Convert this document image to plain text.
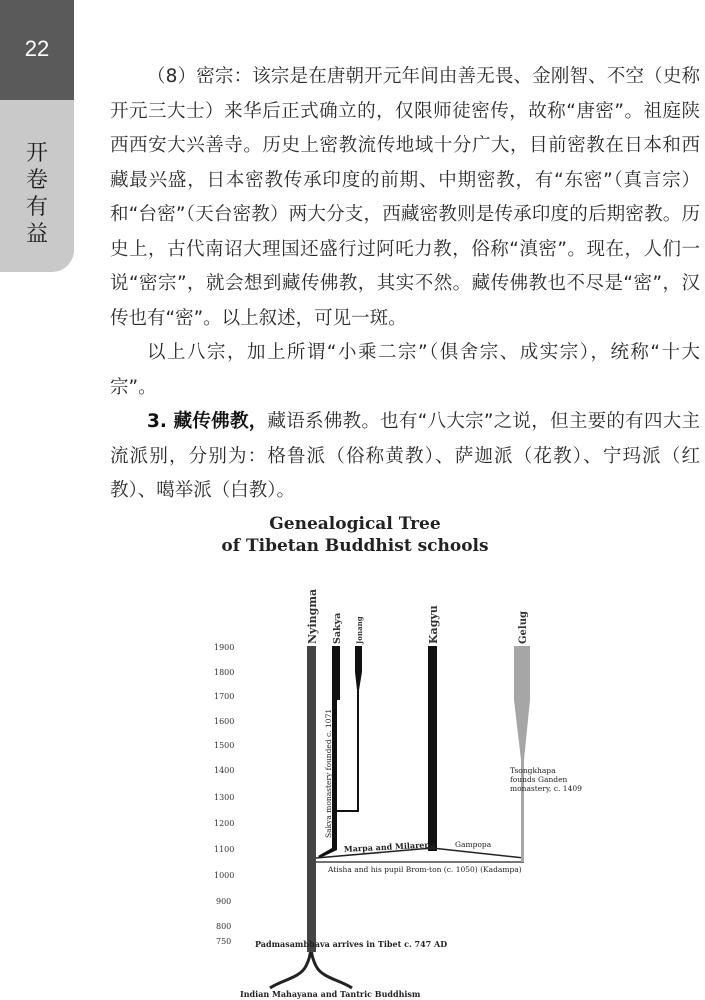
22
开
卷
有
益

（8）密宗：该宗是在唐朝开元年间由善无畏、金刚智、不空（史称开元三大士）来华后正式确立的，仅限师徒密传，故称“唐密”。祖庭陕西西安大兴善寺。历史上密教流传地域十分广大，目前密教在日本和西藏最兴盛，日本密教传承印度的前期、中期密教，有“东密”（真言宗）和“台密”（天台密教）两大分支，西藏密教则是传承印度的后期密教。历史上，古代南诏大理国还盛行过阿吒力教，俗称“滇密”。现在，人们一说“密宗”，就会想到藏传佛教，其实不然。藏传佛教也不尽是“密”，汉传也有“密”。以上叙述，可见一斑。

以上八宗，加上所谓“小乘二宗”（俱舍宗、成实宗），统称“十大宗”。

3. 藏传佛教，藏语系佛教。也有“八大宗”之说，但主要的有四大主流派别，分别为：格鲁派（俗称黄教）、萨迦派（花教）、宁玛派（红教）、噶举派（白教）。

Genealogical Tree
of Tibetan Buddhist schools
1900
1800
1700
1600
1500
1400
1300
1200
1100
1000
900
800
750
Nyingma Sakya Jonang	Kagyu	Gelug
Sakya monastery founded c. 1071	Tsongkhapa
founds Ganden
monastery, c. 1409
Marpa and Milarepa	Gampopa
Atisha and his pupil Brom-ton (c. 1050) (Kadampa)
Padmasambhava arrives in Tibet c. 747 AD
Indian Mahayana and Tantric Buddhism
